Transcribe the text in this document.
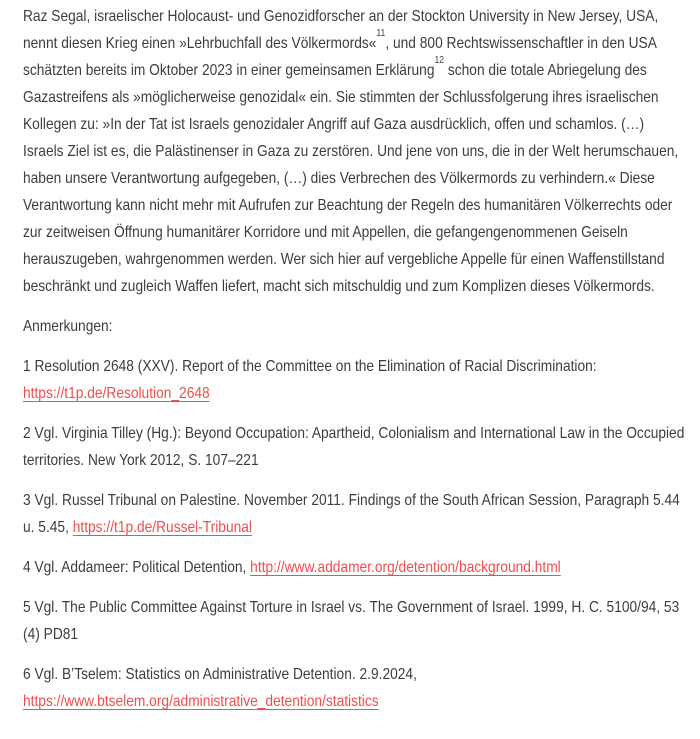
Raz Segal, israelischer Holocaust- und Genozidforscher an der Stockton University in New Jersey, USA, nennt diesen Krieg einen »Lehrbuchfall des Völkermords«$^{11}$, und 800 Rechtswissenschaftler in den USA schätzten bereits im Oktober 2023 in einer gemeinsamen Erklärung$^{12}$ schon die totale Abriegelung des Gazastreifens als »möglicherweise genozidal« ein. Sie stimmten der Schlussfolgerung ihres israelischen Kollegen zu: »In der Tat ist Israels genozidaler Angriff auf Gaza ausdrücklich, offen und schamlos. (…) Israels Ziel ist es, die Palästinenser in Gaza zu zerstören. Und jene von uns, die in der Welt herumschauen, haben unsere Verantwortung aufgegeben, (…) dies Verbrechen des Völkermords zu verhindern.« Diese Verantwortung kann nicht mehr mit Aufrufen zur Beachtung der Regeln des humanitären Völkerrechts oder zur zeitweisen Öffnung humanitärer Korridore und mit Appellen, die gefangengenommenen Geiseln herauszugeben, wahrgenommen werden. Wer sich hier auf vergebliche Appelle für einen Waffenstillstand beschränkt und zugleich Waffen liefert, macht sich mitschuldig und zum Komplizen dieses Völkermords.

Anmerkungen:

1 Resolution 2648 (XXV). Report of the Committee on the Elimination of Racial Discrimination: https://t1p.de/Resolution_2648

2 Vgl. Virginia Tilley (Hg.): Beyond Occupation: Apartheid, Colonialism and International Law in the Occupied territories. New York 2012, S. 107–221

3 Vgl. Russel Tribunal on Palestine. November 2011. Findings of the South African Session, Paragraph 5.44 u. 5.45, https://t1p.de/Russel-Tribunal

4 Vgl. Addameer: Political Detention, http://www.addamer.org/detention/background.html

5 Vgl. The Public Committee Against Torture in Israel vs. The Government of Israel. 1999, H. C. 5100/94, 53 (4) PD81

6 Vgl. B’Tselem: Statistics on Administrative Detention. 2.9.2024, https://www.btselem.org/administrative_detention/statistics
